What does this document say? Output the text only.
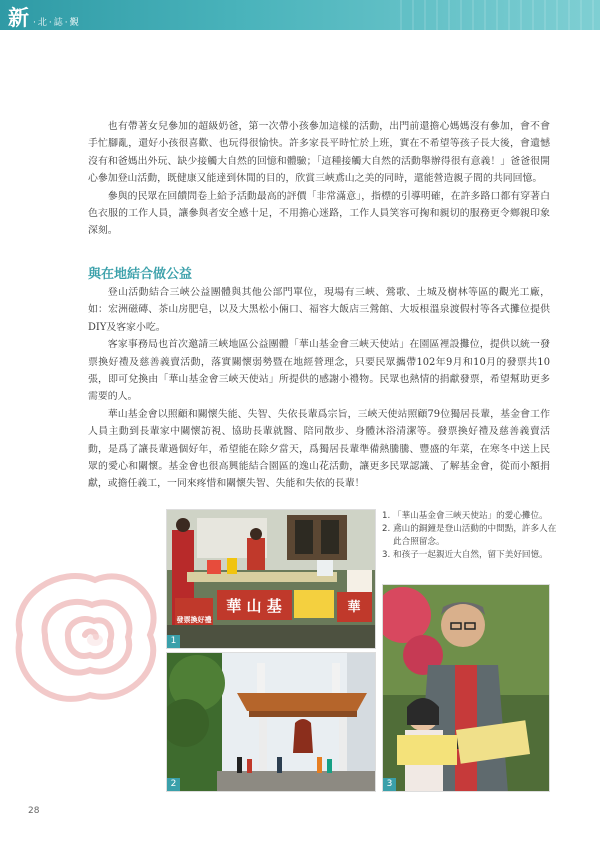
新 ·北·誌·覲

也有帶著女兒參加的超級奶爸，第一次帶小孩參加這樣的活動，出門前還擔心媽媽沒有參加，會不會手忙腳亂，還好小孩很喜歡、也玩得很愉快。許多家長平時忙於上班，實在不希望等孩子長大後，會遺憾沒有和爸媽出外玩、缺少接觸大自然的回憶和體驗；「這種接觸大自然的活動舉辦得很有意義！」爸爸很開心參加登山活動，既健康又能達到休閒的目的，欣賞三峽鳶山之美的同時，還能營造親子間的共同回憶。

參與的民眾在回饋問卷上給予活動最高的評價「非常滿意」，指標的引導明確，在許多路口都有穿著白色衣服的工作人員，讓參與者安全感十足，不用擔心迷路，工作人員笑容可掬和親切的服務更令鄉親印象深刻。

與在地結合做公益

登山活動結合三峽公益團體與其他公部門單位，現場有三峽、鶯歌、土城及樹林等區的觀光工廠，如：宏洲磁磚、茶山房肥皂，以及大黑松小倆口、福容大飯店三鶯館、大坂根溫泉渡假村等各式攤位提供DIY及客家小吃。

客家事務局也首次邀請三峽地區公益團體「華山基金會三峽天使站」在園區裡設攤位，提供以統一發票換好禮及慈善義賣活動，落實關懷弱勢暨在地經營理念，只要民眾攜帶102年9月和10月的發票共10張，即可兌換由「華山基金會三峽天使站」所提供的感謝小禮物。民眾也熱情的捐獻發票，希望幫助更多需要的人。

華山基金會以照顧和關懷失能、失智、失依長輩爲宗旨，三峽天使站照顧79位獨居長輩，基金會工作人員主動到長輩家中關懷訪視、協助長輩就醫、陪同散步、身體沐浴清潔等。發票換好禮及慈善義賣活動，是爲了讓長輩過個好年，希望能在除夕當天，爲獨居長輩準備熱騰騰、豐盛的年菜，在寒冬中送上民眾的愛心和關懷。基金會也很高興能結合園區的逸山花活動，讓更多民眾認識、了解基金會，從而小額捐獻，或擔任義工，一同來疼惜和關懷失智、失能和失依的長輩！

華 山 基	華
發票換好禮
1
2	3
1. 「華山基金會三峽天使站」的愛心攤位。
2. 鳶山的銅鐘是登山活動的中間點，許多人在此合照留念。
3. 和孩子一起親近大自然，留下美好回憶。
28
